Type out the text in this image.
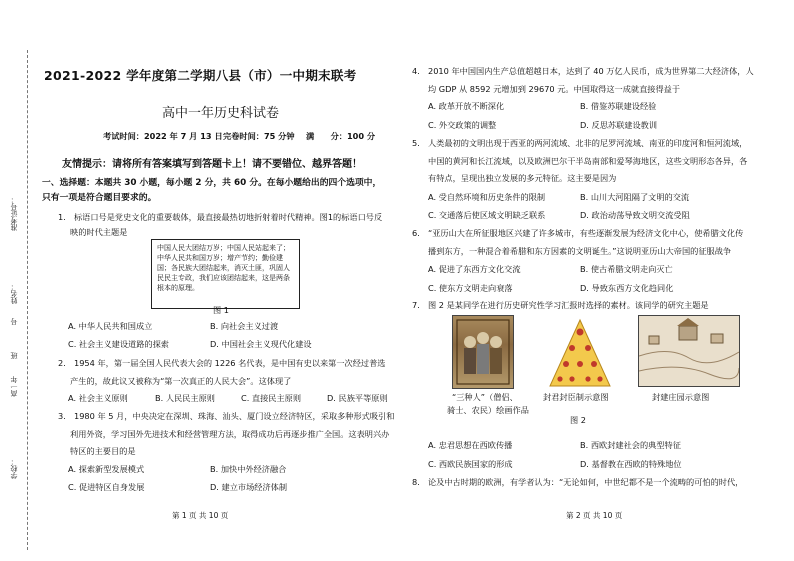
准考证号：
姓名：
号
班
高一年
学校：
2021-2022 学年度第二学期八县（市）一中期末联考
高中一年历史科试卷
考试时间：2022 年 7 月 13 日 完卷时间：75 分钟 满　　分：100 分
友情提示：请将所有答案填写到答题卡上！请不要错位、越界答题！
一、选择题：本题共 30 小题，每小题 2 分，共 60 分。在每小题给出的四个选项中，
只有一项是符合题目要求的。
1.　标语口号是党史文化的重要载体，最直接最热切地折射着时代精神。图1的标语口号反
映的时代主题是
中国人民大团结万岁；中国人民站起来了；中华人民共和国万岁；增产节约；勤俭建国；各民族大团结起来，消灭土匪，巩固人民民主专政，我们应该团结起来，这是两条根本的原理。
图 1
A. 中华人民共和国成立	B. 向社会主义过渡
C. 社会主义建设道路的探索	D. 中国社会主义现代化建设
2.　1954 年，第一届全国人民代表大会的 1226 名代表，是中国有史以来第一次经过普选
产生的，故此议又被称为“第一次真正的人民大会”。这体现了
A. 社会主义原则	B. 人民民主原则	C. 直接民主原则	D. 民族平等原则
3.　1980 年 5 月，中央决定在深圳、珠海、汕头、厦门设立经济特区，采取多种形式吸引和
利用外资，学习国外先进技术和经营管理方法，取得成功后再逐步推广全国。这表明兴办
特区的主要目的是
A. 探索新型发展模式	B. 加快中外经济融合
C. 促进特区自身发展	D. 建立市场经济体制
第 1 页 共 10 页
4.　2010 年中国国内生产总值超越日本，达到了 40 万亿人民币，成为世界第二大经济体，人
均 GDP 从 8592 元增加到 29670 元。中国取得这一成就直接得益于
A. 政革开放不断深化	B. 借鉴苏联建设经验
C. 外交政策的调整	D. 反思苏联建设教训
5.　人类最初的文明出现于西亚的两河流域、北非的尼罗河流域、南亚的印度河和恒河流域，
中国的黄河和长江流域，以及欧洲巴尔干半岛南部和爱琴海地区，这些文明形态各异，各
有特点，呈现出独立发展的多元特征。这主要是因为
A. 受自然环境和历史条件的限制	B. 山川大河阻隔了文明的交流
C. 交通落后使区域文明缺乏联系	D. 政治动荡导致文明交流受阻
6.　“亚历山大在所征服地区兴建了许多城市，有些逐渐发展为经济文化中心，使希腊文化传
播到东方，一种混合着希腊和东方因素的文明诞生。”这说明亚历山大帝国的征服战争
A. 促进了东西方文化交流	B. 使古希腊文明走向灭亡
C. 使东方文明走向衰落	D. 导致东西方文化趋同化
7.　图 2 是某同学在进行历史研究性学习汇报时选择的素材。该同学的研究主题是
“三种人”（僧侣、
骑士、农民）绘画作品
封君封臣制示意图	封建庄园示意图
图 2
A. 忠君思想在西欧传播	B. 西欧封建社会的典型特征
C. 西欧民族国家的形成	D. 基督教在西欧的特殊地位
8.　论及中古时期的欧洲，有学者认为：“无论如何，中世纪都不是一个流畴的可怕的时代，
第 2 页 共 10 页
